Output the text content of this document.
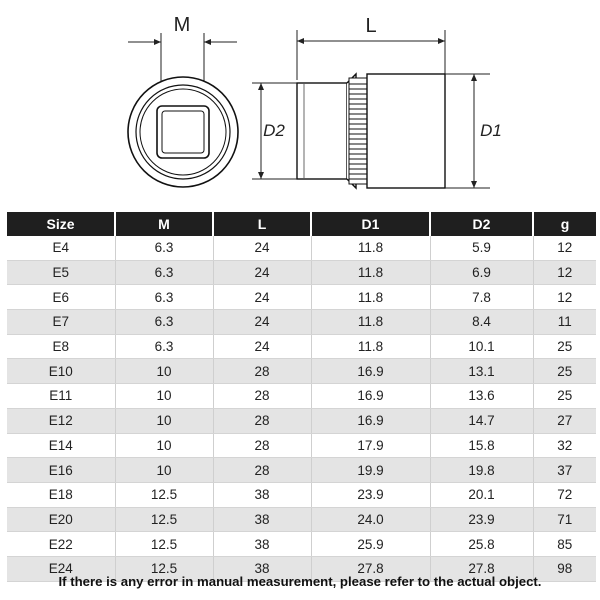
M	L
D2	D1
Size	M	L	D1	D2	g
E4	6.3	24	11.8	5.9	12
E5	6.3	24	11.8	6.9	12
E6	6.3	24	11.8	7.8	12
E7	6.3	24	11.8	8.4	11
E8	6.3	24	11.8	10.1	25
E10	10	28	16.9	13.1	25
E11	10	28	16.9	13.6	25
E12	10	28	16.9	14.7	27
E14	10	28	17.9	15.8	32
E16	10	28	19.9	19.8	37
E18	12.5	38	23.9	20.1	72
E20	12.5	38	24.0	23.9	71
E22	12.5	38	25.9	25.8	85
E24	12.5	38	27.8	27.8	98
If there is any error in manual measurement, please refer to the actual object.
